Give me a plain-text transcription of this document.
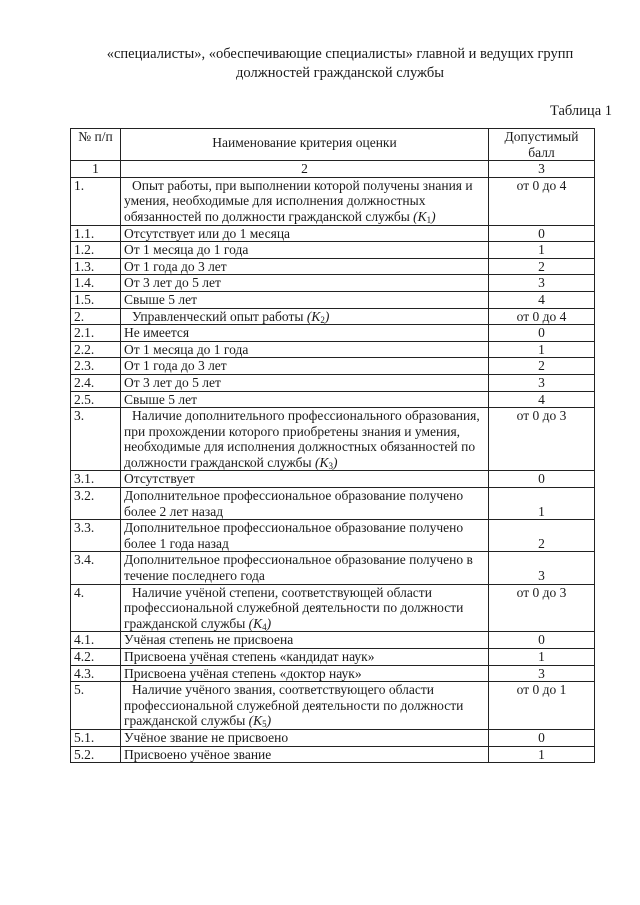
«специалисты», «обеспечивающие специалисты» главной и ведущих групп
должностей гражданской службы
Таблица 1
№ п/п	Наименование критерия оценки	Допустимый балл
1	2	3
1.	Опыт работы, при выполнении которой получены знания и умения, необходимые для исполнения должностных обязанностей по должности гражданской службы $(K_1)$	от 0 до 4
1.1.	Отсутствует или до 1 месяца	0
1.2.	От 1 месяца до 1 года	1
1.3.	От 1 года до 3 лет	2
1.4.	От 3 лет до 5 лет	3
1.5.	Свыше 5 лет	4
2.	Управленческий опыт работы $(K_2)$	от 0 до 4
2.1.	Не имеется	0
2.2.	От 1 месяца до 1 года	1
2.3.	От 1 года до 3 лет	2
2.4.	От 3 лет до 5 лет	3
2.5.	Свыше 5 лет	4
3.	Наличие дополнительного профессионального образования, при прохождении которого приобретены знания и умения, необходимые для исполнения должностных обязанностей по должности гражданской службы $(K_3)$	от 0 до 3
3.1.	Отсутствует	0
3.2.	Дополнительное профессиональное образование получено более 2 лет назад	1
3.3.	Дополнительное профессиональное образование получено более 1 года назад	2
3.4.	Дополнительное профессиональное образование получено в течение последнего года	3
4.	Наличие учёной степени, соответствующей области профессиональной служебной деятельности по должности гражданской службы $(K_4)$	от 0 до 3
4.1.	Учёная степень не присвоена	0
4.2.	Присвоена учёная степень «кандидат наук»	1
4.3.	Присвоена учёная степень «доктор наук»	3
5.	Наличие учёного звания, соответствующего области профессиональной служебной деятельности по должности гражданской службы $(K_5)$	от 0 до 1
5.1.	Учёное звание не присвоено	0
5.2.	Присвоено учёное звание	1
